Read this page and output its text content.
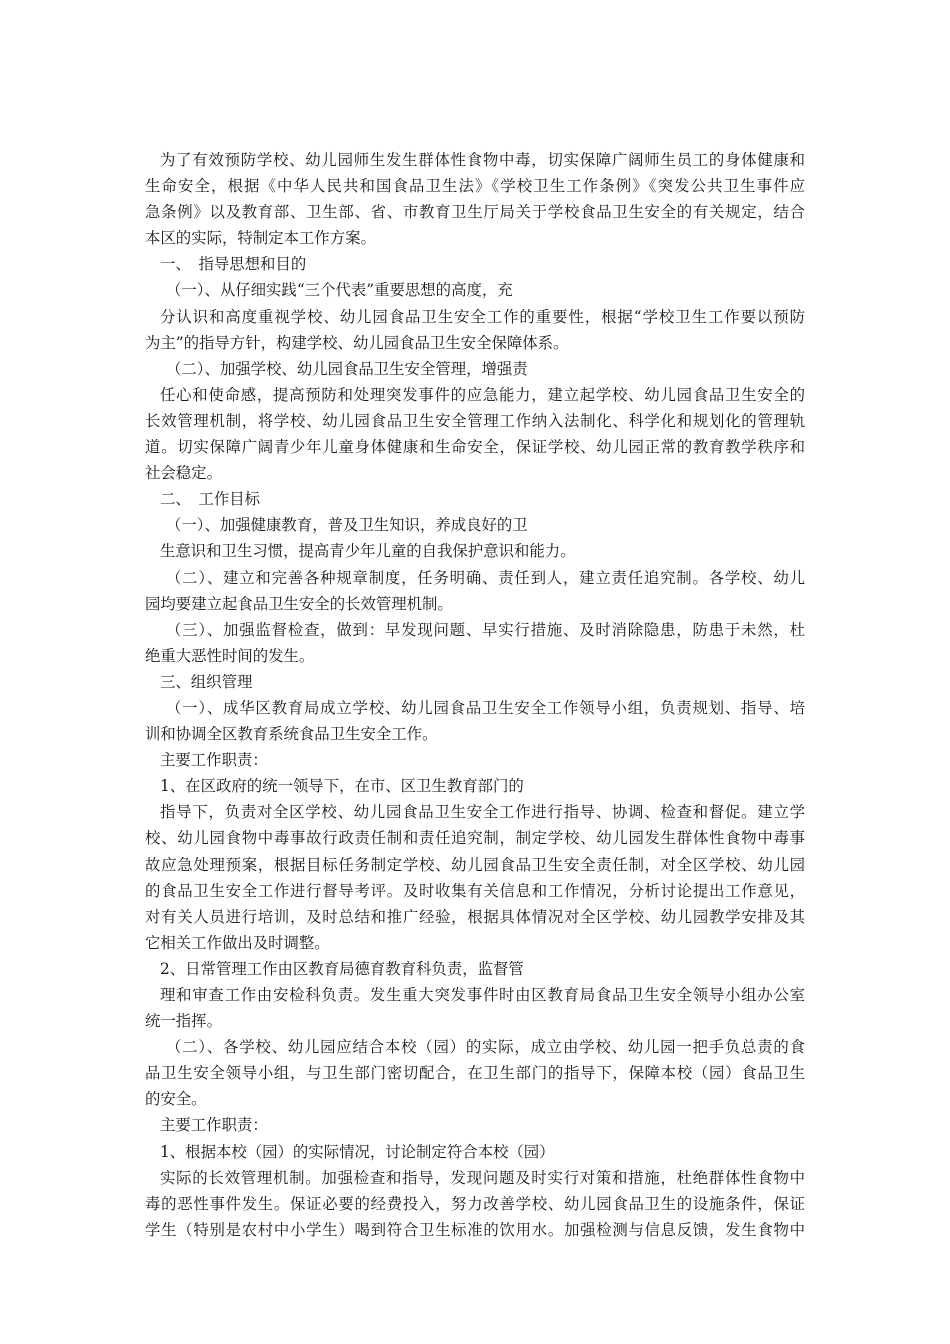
为了有效预防学校、幼儿园师生发生群体性食物中毒，切实保障广阔师生员工的身体健康和
生命安全，根据《中华人民共和国食品卫生法》《学校卫生工作条例》《突发公共卫生事件应
急条例》以及教育部、卫生部、省、市教育卫生厅局关于学校食品卫生安全的有关规定，结合
本区的实际，特制定本工作方案。
一、　指导思想和目的
（一）、从仔细实践“三个代表”重要思想的高度，充
分认识和高度重视学校、幼儿园食品卫生安全工作的重要性，根据“学校卫生工作要以预防
为主”的指导方针，构建学校、幼儿园食品卫生安全保障体系。
（二）、加强学校、幼儿园食品卫生安全管理，增强责
任心和使命感，提高预防和处理突发事件的应急能力，建立起学校、幼儿园食品卫生安全的
长效管理机制，将学校、幼儿园食品卫生安全管理工作纳入法制化、科学化和规划化的管理轨
道。切实保障广阔青少年儿童身体健康和生命安全，保证学校、幼儿园正常的教育教学秩序和
社会稳定。
二、　工作目标
（一）、加强健康教育，普及卫生知识，养成良好的卫
生意识和卫生习惯，提高青少年儿童的自我保护意识和能力。
（二）、建立和完善各种规章制度，任务明确、责任到人，建立责任追究制。各学校、幼儿
园均要建立起食品卫生安全的长效管理机制。
（三）、加强监督检查，做到：早发现问题、早实行措施、及时消除隐患，防患于未然，杜
绝重大恶性时间的发生。
三、组织管理
（一）、成华区教育局成立学校、幼儿园食品卫生安全工作领导小组，负责规划、指导、培
训和协调全区教育系统食品卫生安全工作。
主要工作职责：
1、在区政府的统一领导下，在市、区卫生教育部门的
指导下，负责对全区学校、幼儿园食品卫生安全工作进行指导、协调、检查和督促。建立学
校、幼儿园食物中毒事故行政责任制和责任追究制，制定学校、幼儿园发生群体性食物中毒事
故应急处理预案，根据目标任务制定学校、幼儿园食品卫生安全责任制，对全区学校、幼儿园
的食品卫生安全工作进行督导考评。及时收集有关信息和工作情况，分析讨论提出工作意见，
对有关人员进行培训，及时总结和推广经验，根据具体情况对全区学校、幼儿园教学安排及其
它相关工作做出及时调整。
2、日常管理工作由区教育局德育教育科负责，监督管
理和审查工作由安检科负责。发生重大突发事件时由区教育局食品卫生安全领导小组办公室
统一指挥。
（二）、各学校、幼儿园应结合本校（园）的实际，成立由学校、幼儿园一把手负总责的食
品卫生安全领导小组，与卫生部门密切配合，在卫生部门的指导下，保障本校（园）食品卫生
的安全。
主要工作职责：
1、根据本校（园）的实际情况，讨论制定符合本校（园）
实际的长效管理机制。加强检查和指导，发现问题及时实行对策和措施，杜绝群体性食物中
毒的恶性事件发生。保证必要的经费投入，努力改善学校、幼儿园食品卫生的设施条件，保证
学生（特别是农村中小学生）喝到符合卫生标准的饮用水。加强检测与信息反馈，发生食物中
